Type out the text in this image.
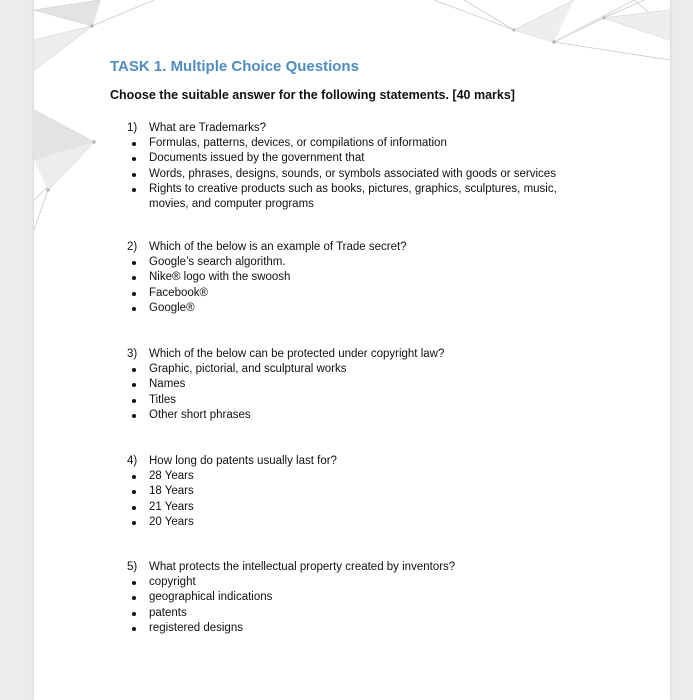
TASK 1. Multiple Choice Questions

Choose the suitable answer for the following statements. [40 marks]

1) What are Trademarks?
Formulas, patterns, devices, or compilations of information
Documents issued by the government that
Words, phrases, designs, sounds, or symbols associated with goods or services
Rights to creative products such as books, pictures, graphics, sculptures, music, movies, and computer programs
2) Which of the below is an example of Trade secret?
Google’s search algorithm.
Nike® logo with the swoosh
Facebook®
Google®
3) Which of the below can be protected under copyright law?
Graphic, pictorial, and sculptural works
Names
Titles
Other short phrases
4) How long do patents usually last for?
28 Years
18 Years
21 Years
20 Years
5) What protects the intellectual property created by inventors?
copyright
geographical indications
patents
registered designs
